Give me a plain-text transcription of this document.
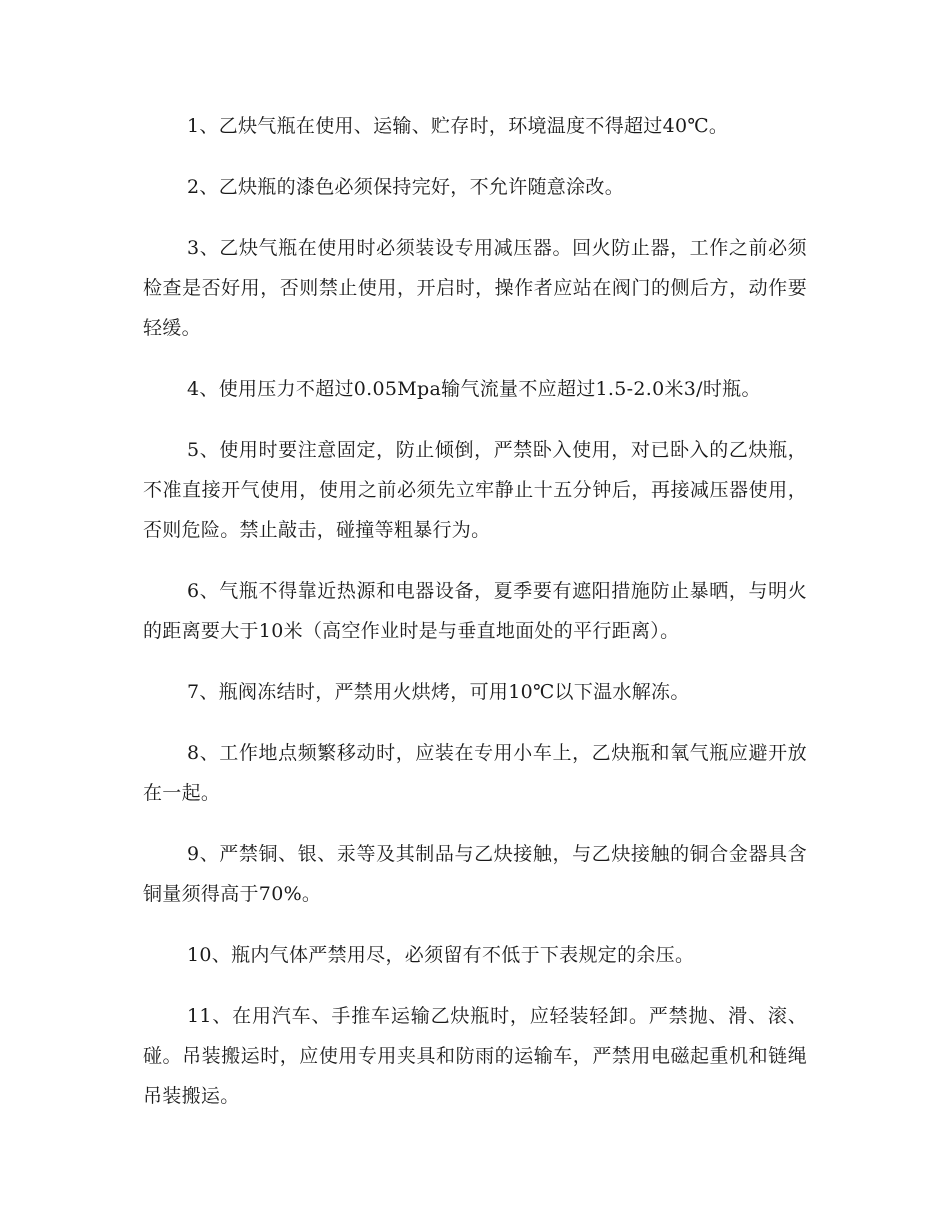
1、乙炔气瓶在使用、运输、贮存时，环境温度不得超过40℃。

2、乙炔瓶的漆色必须保持完好，不允许随意涂改。

3、乙炔气瓶在使用时必须装设专用减压器。回火防止器，工作之前必须检查是否好用，否则禁止使用，开启时，操作者应站在阀门的侧后方，动作要轻缓。

4、使用压力不超过0.05Mpa输气流量不应超过1.5-2.0米3/时瓶。

5、使用时要注意固定，防止倾倒，严禁卧入使用，对已卧入的乙炔瓶，不准直接开气使用，使用之前必须先立牢静止十五分钟后，再接减压器使用，否则危险。禁止敲击，碰撞等粗暴行为。

6、气瓶不得靠近热源和电器设备，夏季要有遮阳措施防止暴晒，与明火的距离要大于10米（高空作业时是与垂直地面处的平行距离）。

7、瓶阀冻结时，严禁用火烘烤，可用10℃以下温水解冻。

8、工作地点频繁移动时，应装在专用小车上，乙炔瓶和氧气瓶应避开放在一起。

9、严禁铜、银、汞等及其制品与乙炔接触，与乙炔接触的铜合金器具含铜量须得高于70%。

10、瓶内气体严禁用尽，必须留有不低于下表规定的余压。

11、在用汽车、手推车运输乙炔瓶时，应轻装轻卸。严禁抛、滑、滚、碰。吊装搬运时，应使用专用夹具和防雨的运输车，严禁用电磁起重机和链绳吊装搬运。
